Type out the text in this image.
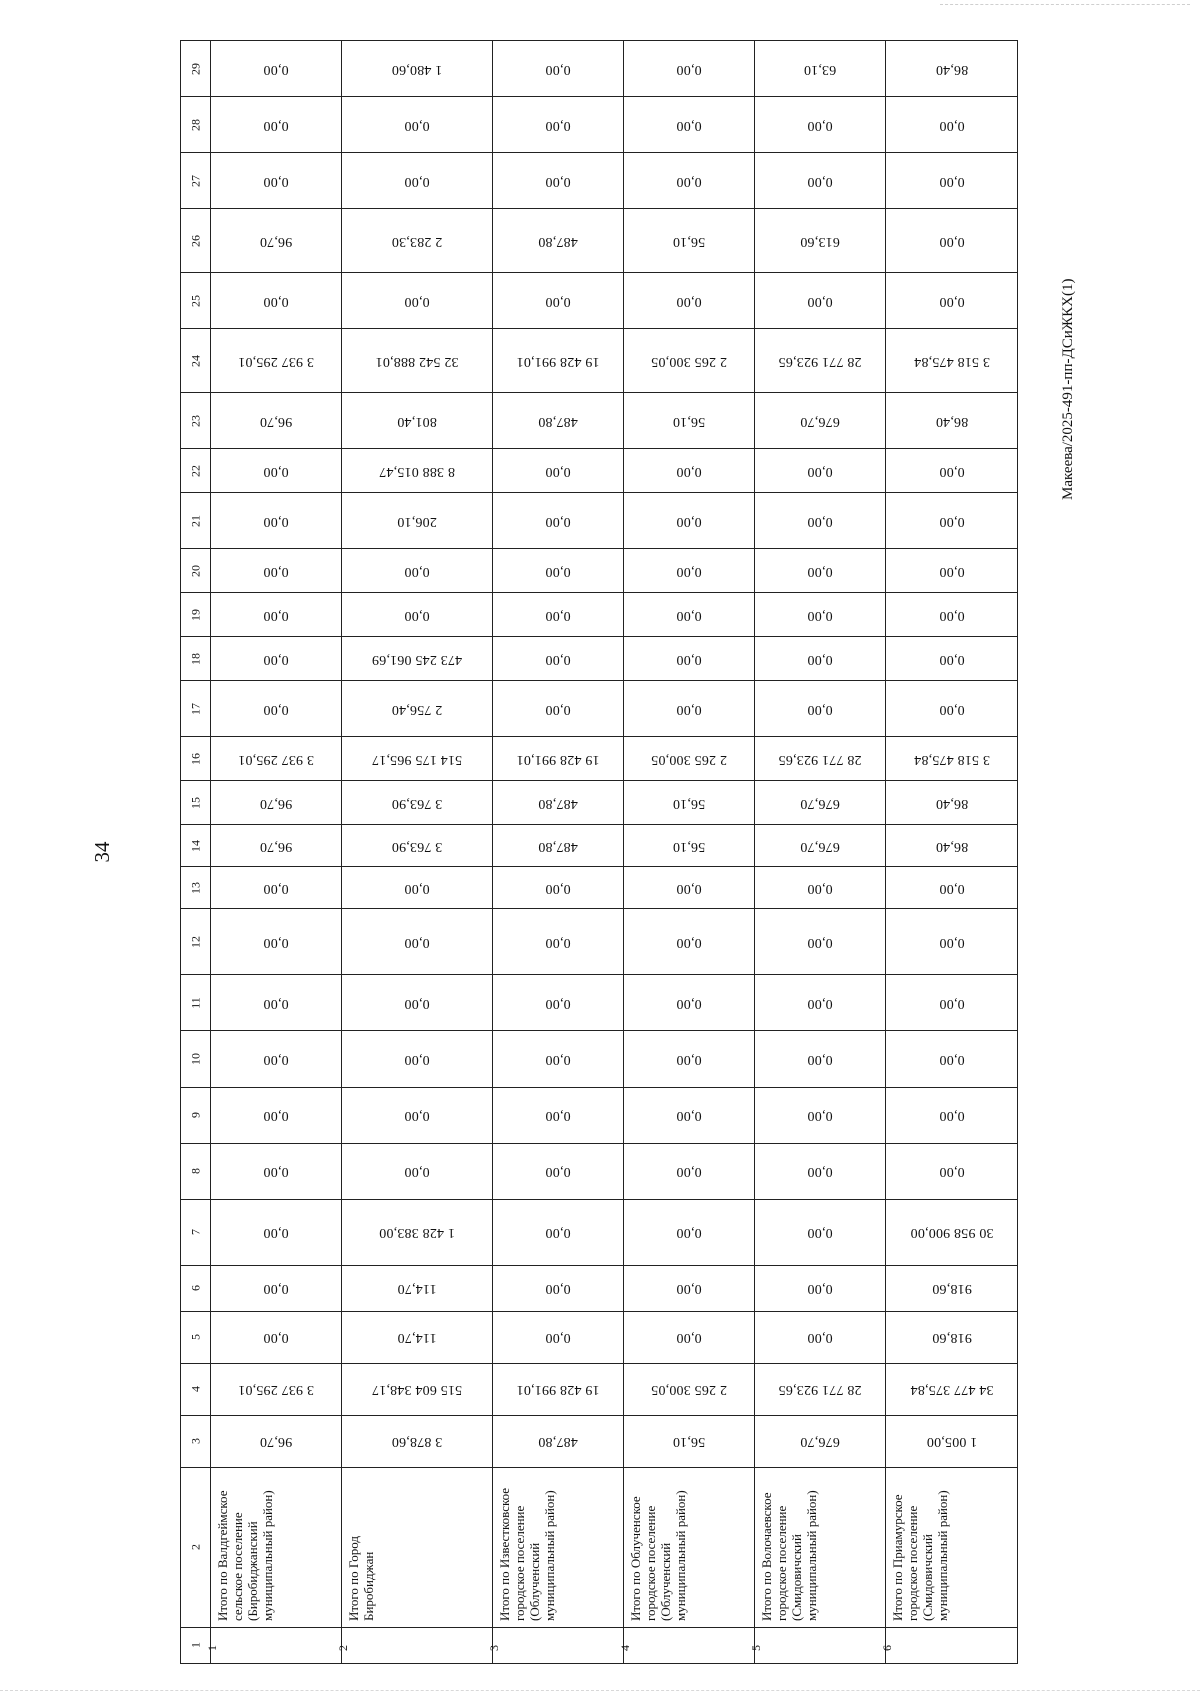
34
Макеева/2025-491-пп-ДСиЖКХ(1)
29	0,00	1 480,60	0,00	0,00	63,10	86,40

28	0,00	0,00	0,00	0,00	0,00	0,00

27	0,00	0,00	0,00	0,00	0,00	0,00

26	96,70	2 283,30	487,80	56,10	613,60	0,00

25	0,00	0,00	0,00	0,00	0,00	0,00

24	3 937 295,01	32 542 888,01	19 428 991,01	2 265 300,05	28 771 923,65	3 518 475,84

23	96,70	801,40	487,80	56,10	676,70	86,40

22	0,00	8 388 015,47	0,00	0,00	0,00	0,00

21	0,00	206,10	0,00	0,00	0,00	0,00

20	0,00	0,00	0,00	0,00	0,00	0,00

19	0,00	0,00	0,00	0,00	0,00	0,00

18	0,00	473 245 061,69	0,00	0,00	0,00	0,00

17	0,00	2 756,40	0,00	0,00	0,00	0,00

16	3 937 295,01	514 175 965,17	19 428 991,01	2 265 300,05	28 771 923,65	3 518 475,84

15	96,70	3 763,90	487,80	56,10	676,70	86,40

14	96,70	3 763,90	487,80	56,10	676,70	86,40

13	0,00	0,00	0,00	0,00	0,00	0,00

12	0,00	0,00	0,00	0,00	0,00	0,00

11	0,00	0,00	0,00	0,00	0,00	0,00

10	0,00	0,00	0,00	0,00	0,00	0,00

9	0,00	0,00	0,00	0,00	0,00	0,00

8	0,00	0,00	0,00	0,00	0,00	0,00

7	0,00	1 428 383,00	0,00	0,00	0,00	30 958 900,00

6	0,00	114,70	0,00	0,00	0,00	918,60

5	0,00	114,70	0,00	0,00	0,00	918,60

4	3 937 295,01	515 604 348,17	19 428 991,01	2 265 300,05	28 771 923,65	34 477 375,84

3	96,70	3 878,60	487,80	56,10	676,70	1 005,00

2	Итого по Валдгеймское сельское поселение (Биробиджанский муниципальный район)	Итого по Город Биробиджан	Итого по Известковское городское поселение (Облученский муниципальный район)	Итого по Облученское городское поселение (Облученский муниципальный район)	Итого по Волочаевское городское поселение (Смидовичский муниципальный район)	Итого по Приамурское городское поселение (Смидовичский муниципальный район)

1	1	2	3	4	5	6
